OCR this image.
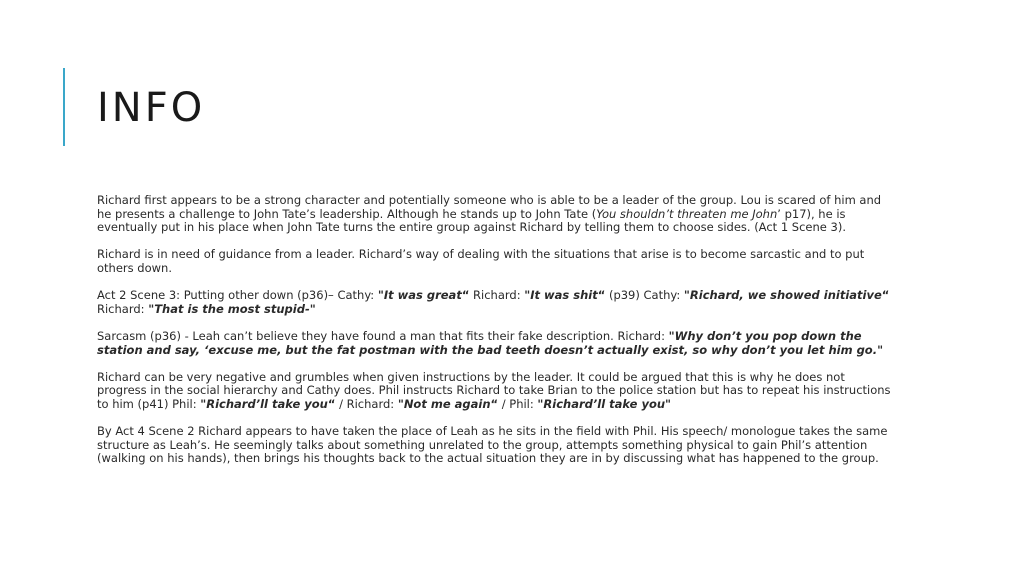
INFO

Richard first appears to be a strong character and potentially someone who is able to be a leader of the group. Lou is scared of him and he presents a challenge to John Tate’s leadership. Although he stands up to John Tate (You shouldn’t threaten me John’ p17), he is eventually put in his place when John Tate turns the entire group against Richard by telling them to choose sides. (Act 1 Scene 3).

Richard is in need of guidance from a leader. Richard’s way of dealing with the situations that arise is to become sarcastic and to put others down.

Act 2 Scene 3: Putting other down (p36)– Cathy: "It was great“ Richard: "It was shit“ (p39) Cathy: "Richard, we showed initiative“ Richard: "That is the most stupid-"

Sarcasm (p36) - Leah can’t believe they have found a man that fits their fake description. Richard: "Why don’t you pop down the station and say, ‘excuse me, but the fat postman with the bad teeth doesn’t actually exist, so why don’t you let him go."

Richard can be very negative and grumbles when given instructions by the leader. It could be argued that this is why he does not progress in the social hierarchy and Cathy does. Phil instructs Richard to take Brian to the police station but has to repeat his instructions to him (p41) Phil: "Richard’ll take you“ / Richard: "Not me again“ / Phil: "Richard’ll take you"

By Act 4 Scene 2 Richard appears to have taken the place of Leah as he sits in the field with Phil. His speech/ monologue takes the same structure as Leah’s. He seemingly talks about something unrelated to the group, attempts something physical to gain Phil’s attention (walking on his hands), then brings his thoughts back to the actual situation they are in by discussing what has happened to the group.
